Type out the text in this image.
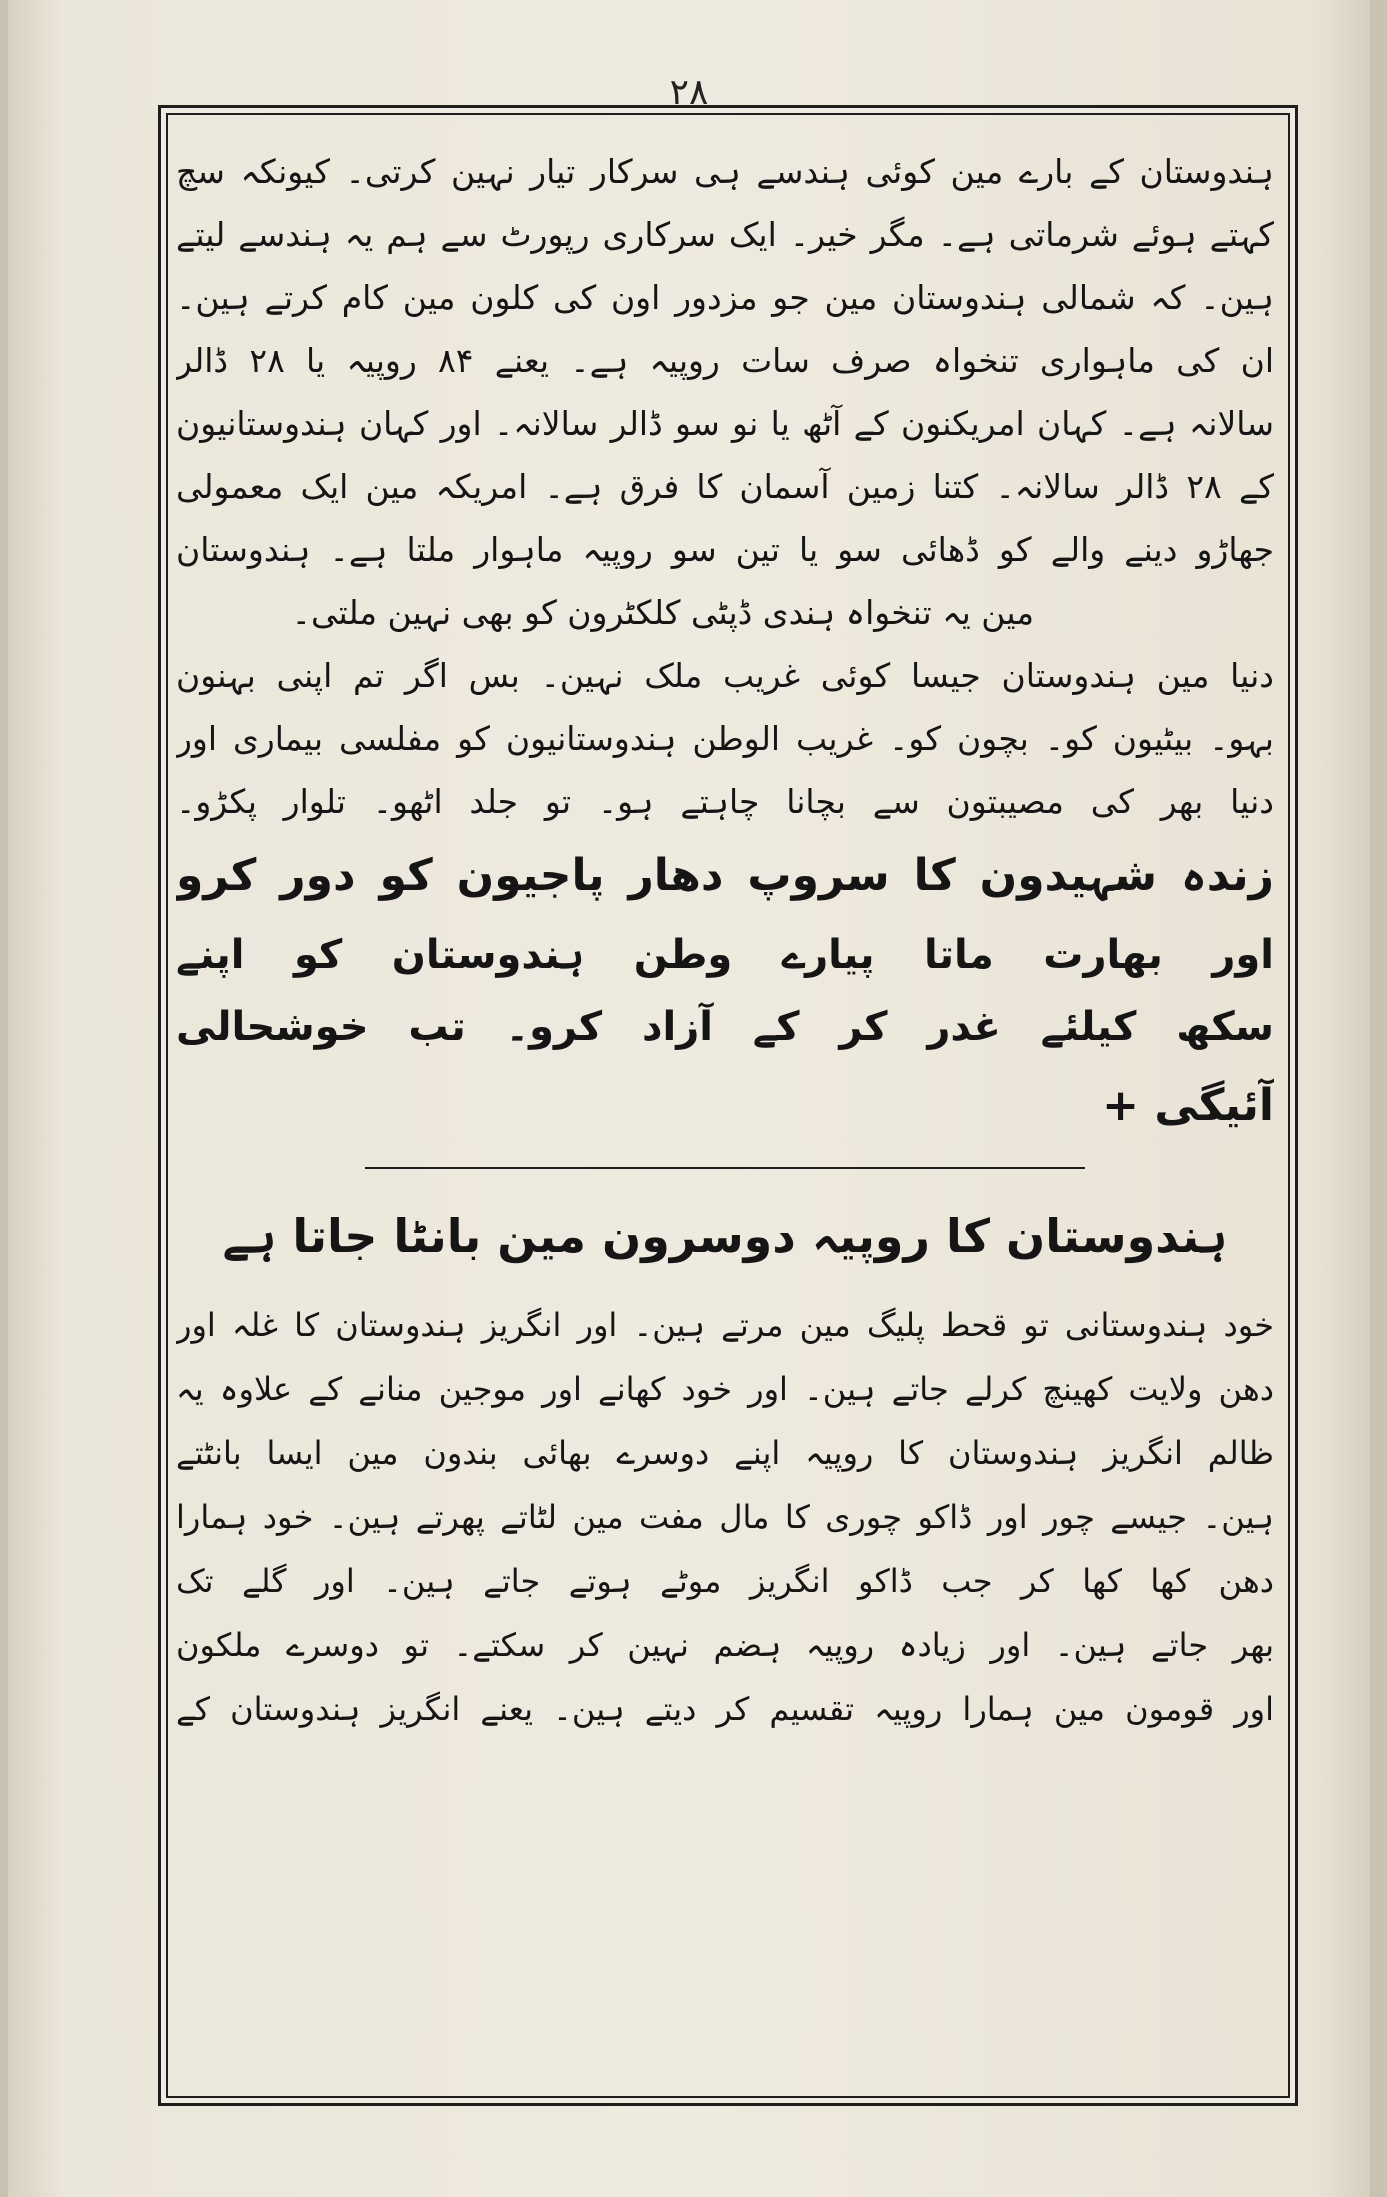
۲۸
ہندوستان کے بارے مین کوئی ہندسے ہی سرکار تیار نہین کرتی۔ کیونکہ سچ
کہتے ہوئے شرماتی ہے۔ مگر خیر۔ ایک سرکاری رپورٹ سے ہم یہ ہندسے لیتے
ہین۔ کہ شمالی ہندوستان مین جو مزدور اون کی کلون مین کام کرتے ہین۔
ان کی ماہواری تنخواہ صرف سات روپیہ ہے۔ یعنے ۸۴ روپیہ یا ۲۸ ڈالر
سالانہ ہے۔ کہان امریکنون کے آٹھ یا نو سو ڈالر سالانہ۔ اور کہان ہندوستانیون
کے ۲۸ ڈالر سالانہ۔ کتنا زمین آسمان کا فرق ہے۔ امریکہ مین ایک معمولی
جھاڑو دینے والے کو ڈھائی سو یا تین سو روپیہ ماہوار ملتا ہے۔ ہندوستان
مین یہ تنخواہ ہندی ڈپٹی کلکٹرون کو بھی نہین ملتی۔
دنیا مین ہندوستان جیسا کوئی غریب ملک نہین۔ بس اگر تم اپنی بہنون
بہو۔ بیٹیون کو۔ بچون کو۔ غریب الوطن ہندوستانیون کو مفلسی بیماری اور
دنیا بھر کی مصیبتون سے بچانا چاہتے ہو۔ تو جلد اٹھو۔ تلوار پکڑو۔
زندہ شہیدون کا سروپ دھار پاجیون کو دور کرو
اور بھارت ماتا پیارے وطن ہندوستان کو اپنے
سکھ کیلئے غدر کر کے آزاد کرو۔ تب خوشحالی
آئیگی +
ہندوستان کا روپیہ دوسرون مین بانٹا جاتا ہے
خود ہندوستانی تو قحط پلیگ مین مرتے ہین۔ اور انگریز ہندوستان کا غلہ اور
دھن ولایت کھینچ کرلے جاتے ہین۔ اور خود کھانے اور موجین منانے کے علاوہ یہ
ظالم انگریز ہندوستان کا روپیہ اپنے دوسرے بھائی بندون مین ایسا بانٹتے
ہین۔ جیسے چور اور ڈاکو چوری کا مال مفت مین لٹاتے پھرتے ہین۔ خود ہمارا
دھن کھا کھا کر جب ڈاکو انگریز موٹے ہوتے جاتے ہین۔ اور گلے تک
بھر جاتے ہین۔ اور زیادہ روپیہ ہضم نہین کر سکتے۔ تو دوسرے ملکون
اور قومون مین ہمارا روپیہ تقسیم کر دیتے ہین۔ یعنے انگریز ہندوستان کے
